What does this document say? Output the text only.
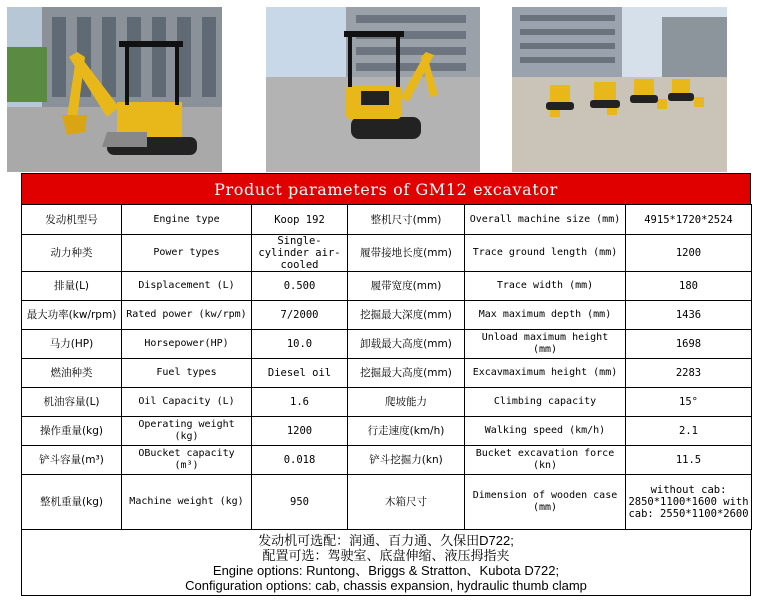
Product parameters of GM12 excavator
发动机型号	Engine type	Koop 192	整机尺寸(mm)	Overall machine size (mm)	4915*1720*2524
动力种类	Power types	Single-cylinder air-cooled	履带接地长度(mm)	Trace ground length (mm)	1200
排量(L)	Displacement (L)	0.500	履带宽度(mm)	Trace width (mm)	180
最大功率(kw/rpm)	Rated power (kw/rpm)	7/2000	挖掘最大深度(mm)	Max maximum depth (mm)	1436
马力(HP)	Horsepower(HP)	10.0	卸载最大高度(mm)	Unload maximum height (mm)	1698
燃油种类	Fuel types	Diesel oil	挖掘最大高度(mm)	Excavmaximum height (mm)	2283
机油容量(L)	Oil Capacity (L)	1.6	爬坡能力	Climbing capacity	15°
操作重量(kg)	Operating weight (kg)	1200	行走速度(km/h)	Walking speed (km/h)	2.1
铲斗容量(m³)	OBucket capacity (m³)	0.018	铲斗挖掘力(kn)	Bucket excavation force (kn)	11.5
整机重量(kg)	Machine weight (kg)	950	木箱尺寸	Dimension of wooden case (mm)	without cab: 2850*1100*1600 with cab: 2550*1100*2600
发动机可选配：润通、百力通、久保田D722;
配置可选：驾驶室、底盘伸缩、液压拇指夹
Engine options: Runtong、Briggs & Stratton、Kubota D722;
Configuration options: cab, chassis expansion, hydraulic thumb clamp
